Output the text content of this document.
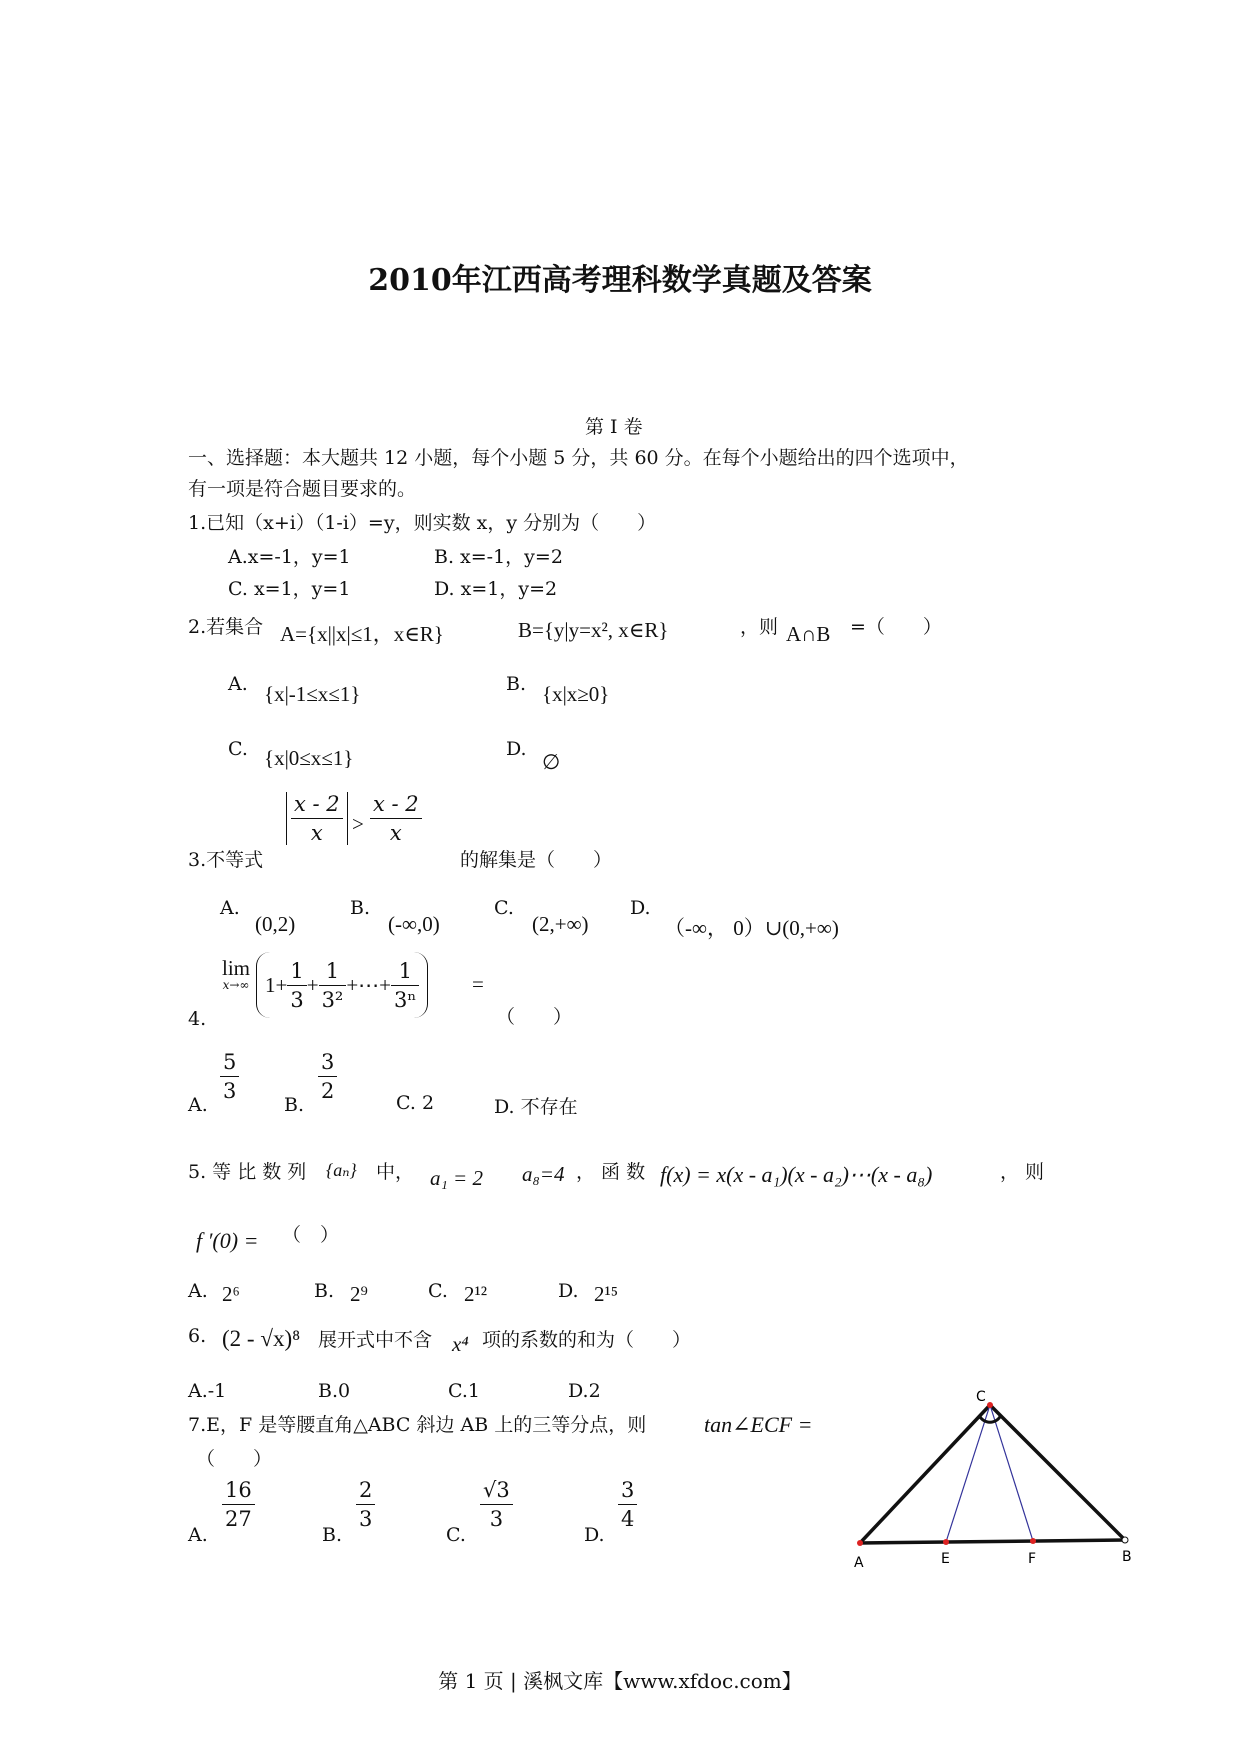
2010年江西高考理科数学真题及答案
第 I 卷
一、选择题：本大题共 12 小题，每个小题 5 分，共 60 分。在每个小题给出的四个选项中，
有一项是符合题目要求的。
1.已知（x+i）（1-i）=y，则实数 x，y 分别为（　　）
A.x=-1，y=1	B. x=-1，y=2
C. x=1，y=1	D. x=1，y=2
2.若集合 A={x||x|≤1，x∈R}	B={y|y=x², x∈R}	，则 A∩B =（　　）
A. {x|-1≤x≤1}	B. {x|x≥0}
C. {x|0≤x≤1}	D.
∅
3.不等式
$\frac{x - 2}{x} > \frac{x - 2}{x}$
的解集是（　　）
A.
(0,2)
B.
(-∞,0)
C.
(2,+∞)
D.
（-∞， 0）∪(0,+∞)
4.
lim
x→∞ $1+ \frac{1}{3} + \frac{1}{\text{3²}}$ +⋯+ $\frac{1}{\text{3ⁿ}}$	=
（　　）
A.
$\frac{5}{3}$
B.
$\frac{3}{2}$	C. 2	D. 不存在
5. 等 比 数 列 {aₙ} 中， a₁ = 2 a₈=4 ， 函 数 f(x) = x(x - a₁)(x - a₂)⋯(x - a₈)	， 则
f ′(0) = （　）
A. 2⁶	B. 2⁹	C. 2¹²	D. 2¹⁵
6. (2 - √x)⁸ 展开式中不含 x⁴ 项的系数的和为（　　）
A.-1	B.0	C.1	D.2
7.E，F 是等腰直角△ABC 斜边 AB 上的三等分点，则	tan∠ECF =
（　　）
A.
$\frac{16}{27}$
B.
$\frac{2}{3}$
C.
$\frac{√3}{3}$
D.
$\frac{3}{4}$
A
C
E	F	B
第 1 页 | 溪枫文库【www.xfdoc.com】
